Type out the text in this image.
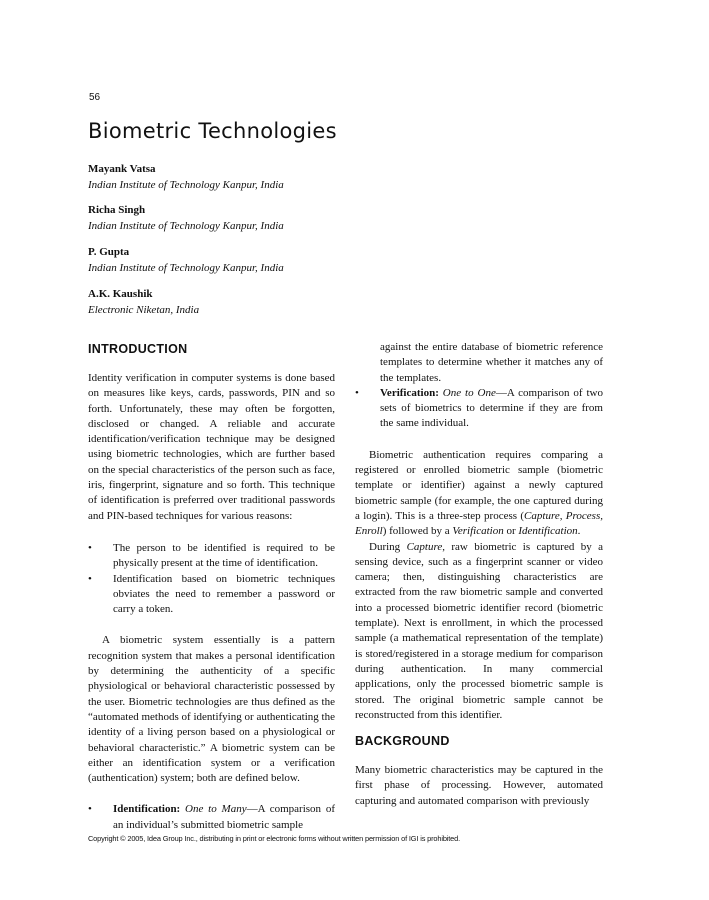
56
Biometric Technologies
Mayank Vatsa
Indian Institute of Technology Kanpur, India
Richa Singh
Indian Institute of Technology Kanpur, India
P. Gupta
Indian Institute of Technology Kanpur, India
A.K. Kaushik
Electronic Niketan, India
INTRODUCTION

Identity verification in computer systems is done based on measures like keys, cards, passwords, PIN and so forth. Unfortunately, these may often be forgotten, disclosed or changed. A reliable and accurate identification/verification technique may be designed using biometric technologies, which are further based on the special characteristics of the person such as face, iris, fingerprint, signature and so forth. This technique of identification is preferred over traditional passwords and PIN-based techniques for various reasons:

• The person to be identified is required to be physically present at the time of identification.
• Identification based on biometric techniques obviates the need to remember a password or carry a token.

A biometric system essentially is a pattern recognition system that makes a personal identification by determining the authenticity of a specific physiological or behavioral characteristic possessed by the user. Biometric technologies are thus defined as the “automated methods of identifying or authenticating the identity of a living person based on a physiological or behavioral characteristic.” A biometric system can be either an identification system or a verification (authentication) system; both are defined below.

• Identification: One to Many—A comparison of an individual’s submitted biometric sample

against the entire database of biometric reference templates to determine whether it matches any of the templates.

• Verification: One to One—A comparison of two sets of biometrics to determine if they are from the same individual.

Biometric authentication requires comparing a registered or enrolled biometric sample (biometric template or identifier) against a newly captured biometric sample (for example, the one captured during a login). This is a three-step process (Capture, Process, Enroll) followed by a Verification or Identification.

During Capture, raw biometric is captured by a sensing device, such as a fingerprint scanner or video camera; then, distinguishing characteristics are extracted from the raw biometric sample and converted into a processed biometric identifier record (biometric template). Next is enrollment, in which the processed sample (a mathematical representation of the template) is stored/registered in a storage medium for comparison during authentication. In many commercial applications, only the processed biometric sample is stored. The original biometric sample cannot be reconstructed from this identifier.

BACKGROUND

Many biometric characteristics may be captured in the first phase of processing. However, automated capturing and automated comparison with previously

Copyright © 2005, Idea Group Inc., distributing in print or electronic forms without written permission of IGI is prohibited.
